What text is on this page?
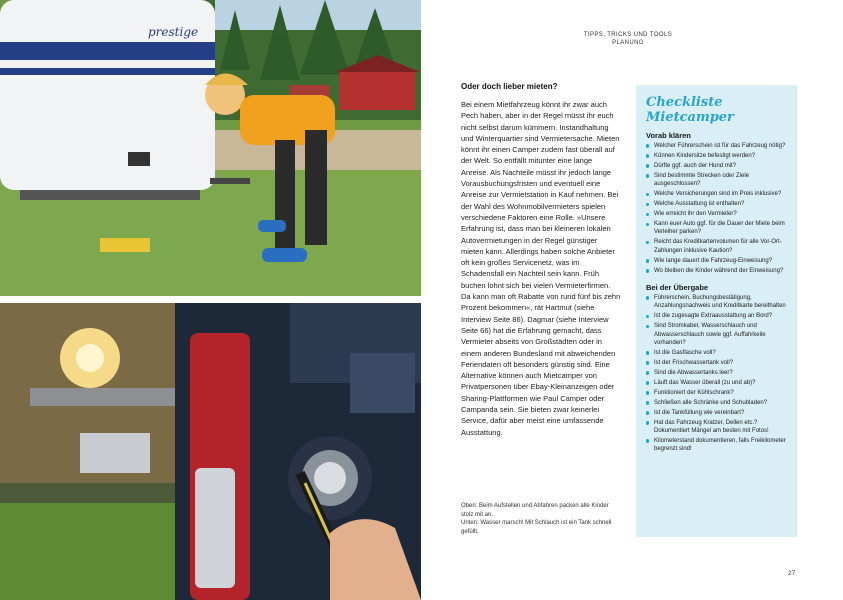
prestige	TIPPS, TRICKS UND TOOLS
PLANUNG
Oder doch lieber mieten?

Bei einem Mietfahrzeug könnt ihr zwar auch Pech haben, aber in der Regel müsst ihr euch nicht selbst darum kümmern. Instandhaltung und Winterquartier sind Vermietersache. Mieten könnt ihr einen Camper zudem fast überall auf der Welt. So entfällt mitunter eine lange Anreise. Als Nachteile müsst ihr jedoch lange Vorausbuchungsfristen und eventuell eine Anreise zur Vermietstation in Kauf nehmen. Bei der Wahl des Wohnmobilvermieters spielen verschiedene Faktoren eine Rolle. »Unsere Erfahrung ist, dass man bei kleineren lokalen Autovermietungen in der Regel günstiger mieten kann. Allerdings haben solche Anbieter oft kein großes Servicenetz, was im Schadensfall ein Nachteil sein kann. Früh buchen lohnt sich bei vielen Vermieterfirmen. Da kann man oft Rabatte von rund fünf bis zehn Prozent bekommen«, rät Hartmut (siehe Interview Seite 86). Dagmar (siehe Interview Seite 66) hat die Erfahrung gemacht, dass Vermieter abseits von Großstädten oder in einem anderen Bundesland mit abweichenden Feriendaten oft besonders günstig sind. Eine Alternative können auch Mietcamper von Privatpersonen über Ebay-Kleinanzeigen oder Sharing-Plattformen wie Paul Camper oder Campanda sein. Sie bieten zwar keinerlei Service, dafür aber meist eine umfassende Ausstattung.

Oben: Beim Aufstellen und Abfahren packen alle Kinder stolz mit an.

Unten: Wasser marsch! Mit Schlauch ist ein Tank schnell gefüllt.

Checkliste Mietcamper
Vorab klären
Welcher Führerschein ist für das Fahrzeug nötig?
Können Kindersitze befestigt werden?
Dürfte ggf. auch der Hund mit?
Sind bestimmte Strecken oder Ziele ausgeschlossen?
Welche Versicherungen sind im Preis inklusive?
Welche Ausstattung ist enthalten?
Wie erreicht ihr den Vermieter?
Kann euer Auto ggf. für die Dauer der Miete beim Verleiher parken?
Reicht das Kreditkartenvolumen für alle Vor-Ort-Zahlungen inklusive Kaution?
Wie lange dauert die Fahrzeug-Einweisung?
Wo bleiben die Kinder während der Einweisung?
Bei der Übergabe
Führerschein, Buchungsbestätigung, Anzahlungsnachweis und Kreditkarte bereithalten
Ist die zugesagte Extraausstattung an Bord?
Sind Stromkabel, Wasserschlauch und Abwasserschlauch sowie ggf. Auffahrkeile vorhanden?
Ist die Gasflasche voll?
Ist der Frischwassertank voll?
Sind die Abwassertanks leer?
Läuft das Wasser überall (zu und ab)?
Funktioniert der Kühlschrank?
Schließen alle Schränke und Schubladen?
Ist die Tankfüllung wie vereinbart?
Hat das Fahrzeug Kratzer, Dellen etc.? Dokumentiert Mängel am besten mit Fotos!
Kilometerstand dokumentieren, falls Freikilometer begrenzt sind!
27
